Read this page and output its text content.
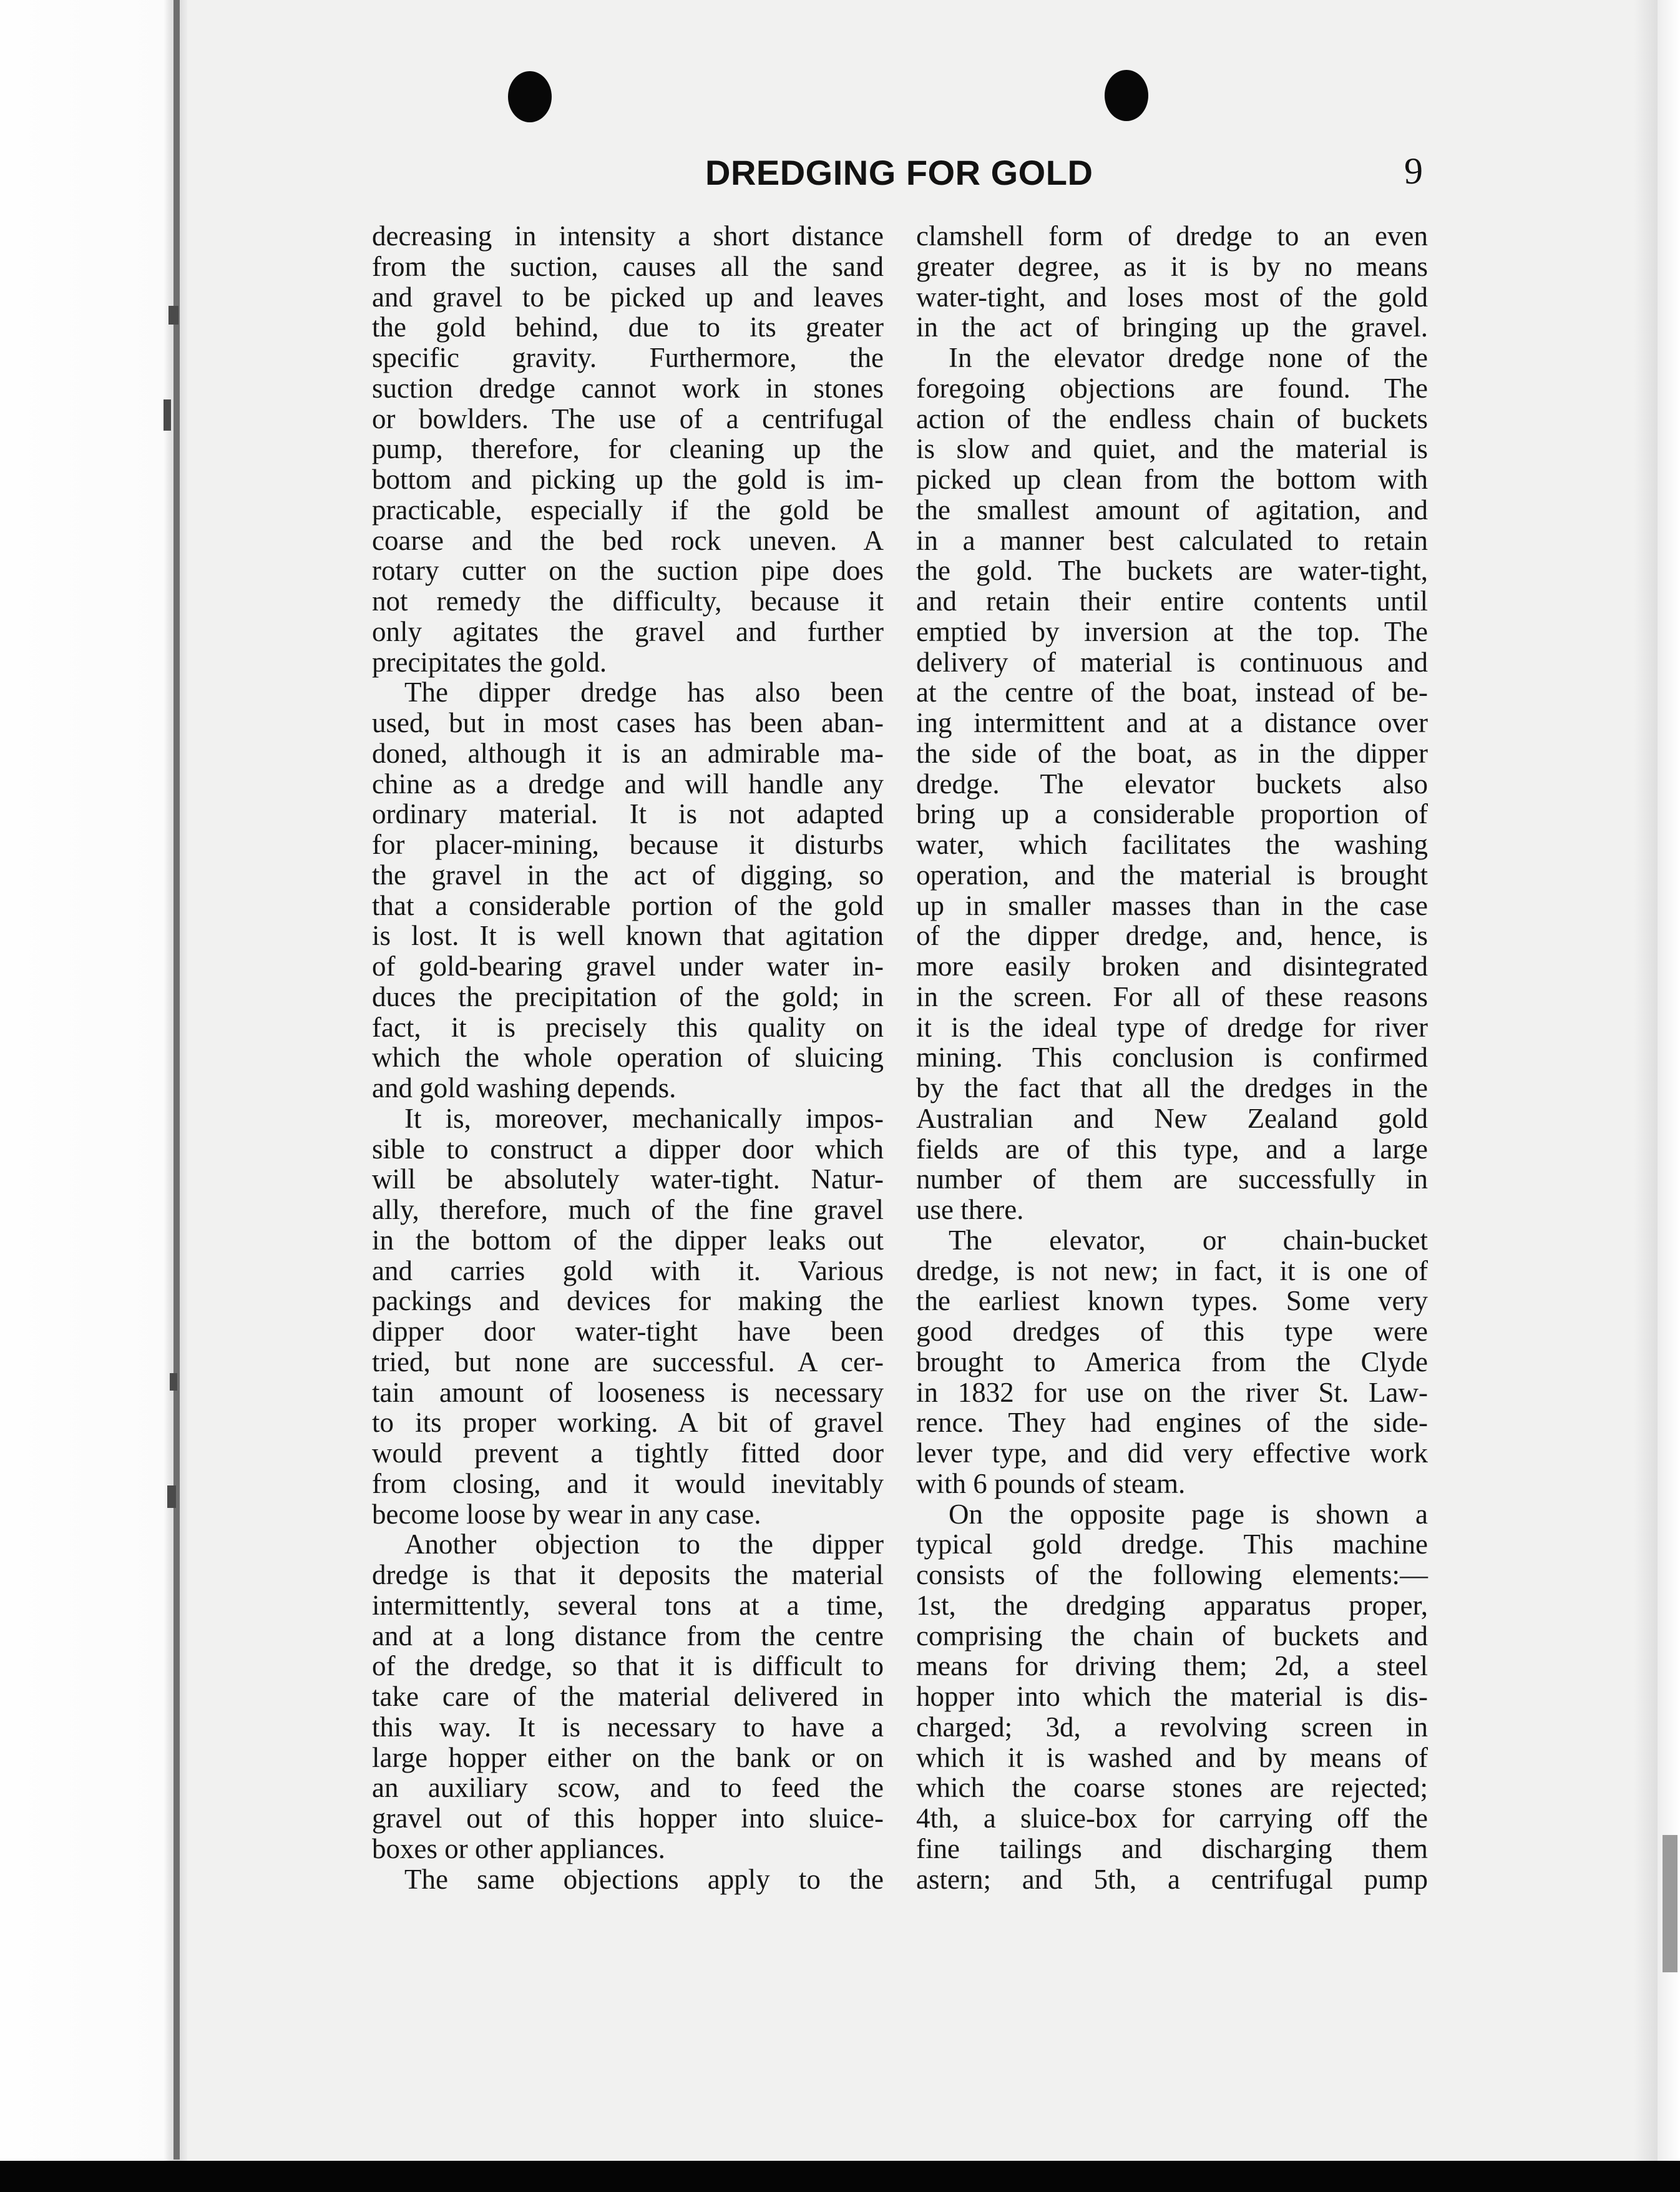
DREDGING FOR GOLD	9
decreasing in intensity a short distance
from the suction, causes all the sand
and gravel to be picked up and leaves
the gold behind, due to its greater
specific gravity. Furthermore, the
suction dredge cannot work in stones
or bowlders. The use of a centrifugal
pump, therefore, for cleaning up the
bottom and picking up the gold is im-
practicable, especially if the gold be
coarse and the bed rock uneven. A
rotary cutter on the suction pipe does
not remedy the difficulty, because it
only agitates the gravel and further
precipitates the gold.
The dipper dredge has also been
used, but in most cases has been aban-
doned, although it is an admirable ma-
chine as a dredge and will handle any
ordinary material. It is not adapted
for placer-mining, because it disturbs
the gravel in the act of digging, so
that a considerable portion of the gold
is lost. It is well known that agitation
of gold-bearing gravel under water in-
duces the precipitation of the gold; in
fact, it is precisely this quality on
which the whole operation of sluicing
and gold washing depends.
It is, moreover, mechanically impos-
sible to construct a dipper door which
will be absolutely water-tight. Natur-
ally, therefore, much of the fine gravel
in the bottom of the dipper leaks out
and carries gold with it. Various
packings and devices for making the
dipper door water-tight have been
tried, but none are successful. A cer-
tain amount of looseness is necessary
to its proper working. A bit of gravel
would prevent a tightly fitted door
from closing, and it would inevitably
become loose by wear in any case.
Another objection to the dipper
dredge is that it deposits the material
intermittently, several tons at a time,
and at a long distance from the centre
of the dredge, so that it is difficult to
take care of the material delivered in
this way. It is necessary to have a
large hopper either on the bank or on
an auxiliary scow, and to feed the
gravel out of this hopper into sluice-
boxes or other appliances.
The same objections apply to the
clamshell form of dredge to an even
greater degree, as it is by no means
water-tight, and loses most of the gold
in the act of bringing up the gravel.
In the elevator dredge none of the
foregoing objections are found. The
action of the endless chain of buckets
is slow and quiet, and the material is
picked up clean from the bottom with
the smallest amount of agitation, and
in a manner best calculated to retain
the gold. The buckets are water-tight,
and retain their entire contents until
emptied by inversion at the top. The
delivery of material is continuous and
at the centre of the boat, instead of be-
ing intermittent and at a distance over
the side of the boat, as in the dipper
dredge. The elevator buckets also
bring up a considerable proportion of
water, which facilitates the washing
operation, and the material is brought
up in smaller masses than in the case
of the dipper dredge, and, hence, is
more easily broken and disintegrated
in the screen. For all of these reasons
it is the ideal type of dredge for river
mining. This conclusion is confirmed
by the fact that all the dredges in the
Australian and New Zealand gold
fields are of this type, and a large
number of them are successfully in
use there.
The elevator, or chain-bucket
dredge, is not new; in fact, it is one of
the earliest known types. Some very
good dredges of this type were
brought to America from the Clyde
in 1832 for use on the river St. Law-
rence. They had engines of the side-
lever type, and did very effective work
with 6 pounds of steam.
On the opposite page is shown a
typical gold dredge. This machine
consists of the following elements:—
1st, the dredging apparatus proper,
comprising the chain of buckets and
means for driving them; 2d, a steel
hopper into which the material is dis-
charged; 3d, a revolving screen in
which it is washed and by means of
which the coarse stones are rejected;
4th, a sluice-box for carrying off the
fine tailings and discharging them
astern; and 5th, a centrifugal pump
